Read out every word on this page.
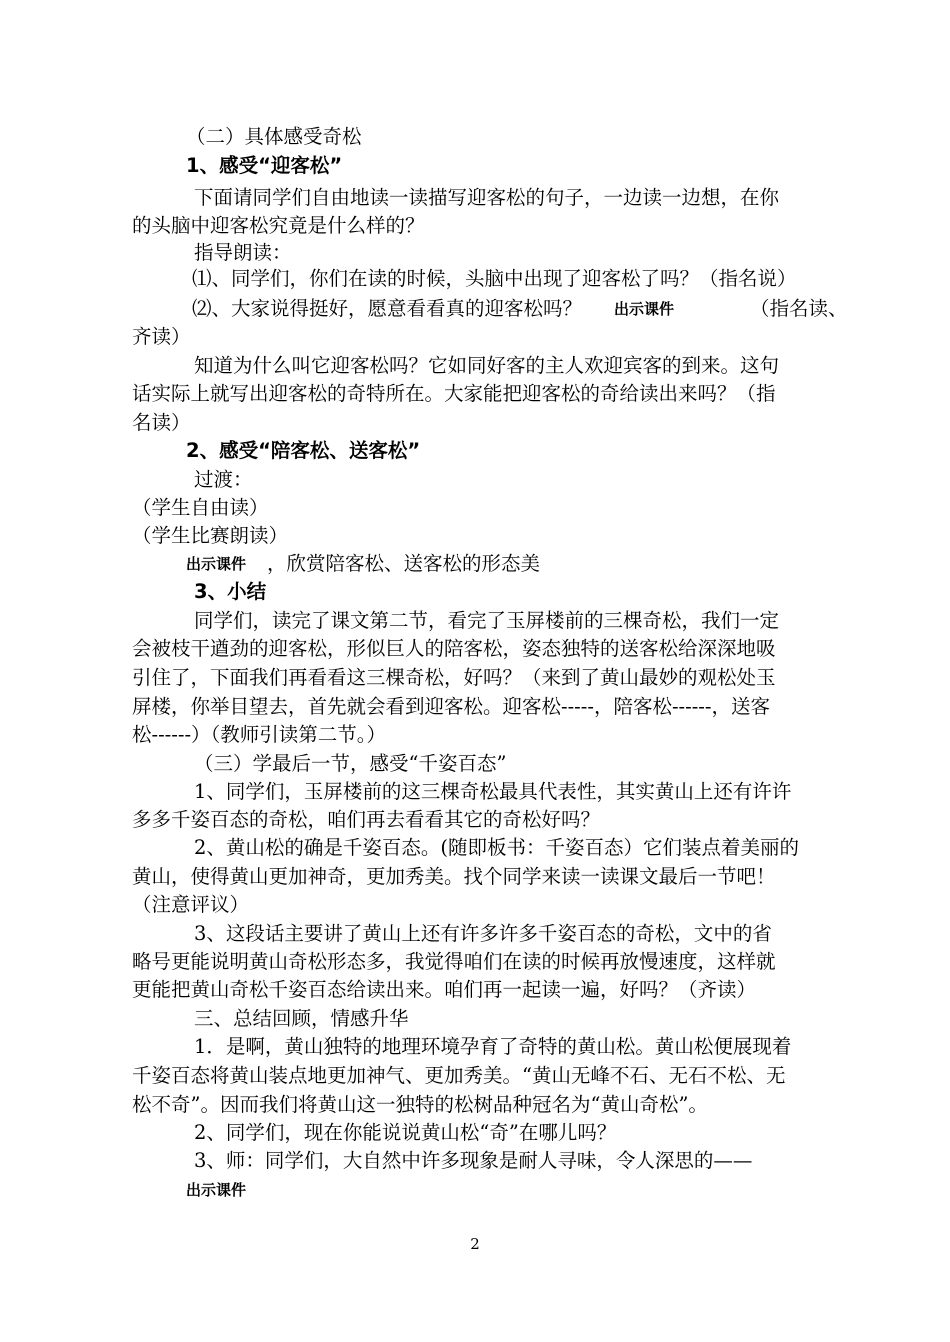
（二）具体感受奇松
1、感受“迎客松”
下面请同学们自由地读一读描写迎客松的句子，一边读一边想，在你
的头脑中迎客松究竟是什么样的？
指导朗读：
⑴、同学们，你们在读的时候，头脑中出现了迎客松了吗？（指名说）
⑵、大家说得挺好，愿意看看真的迎客松吗？ 出示课件	（指名读、
齐读）
知道为什么叫它迎客松吗？它如同好客的主人欢迎宾客的到来。这句
话实际上就写出迎客松的奇特所在。大家能把迎客松的奇给读出来吗？（指
名读）
2、感受“陪客松、送客松”
过渡：
（学生自由读）
（学生比赛朗读）
出示课件 ，欣赏陪客松、送客松的形态美
3、小结
同学们，读完了课文第二节，看完了玉屏楼前的三棵奇松，我们一定
会被枝干遒劲的迎客松，形似巨人的陪客松，姿态独特的送客松给深深地吸
引住了，下面我们再看看这三棵奇松，好吗？（来到了黄山最妙的观松处玉
屏楼，你举目望去，首先就会看到迎客松。迎客松-----，陪客松------，送客
松------）（教师引读第二节。）
（三）学最后一节，感受“千姿百态”
1、同学们，玉屏楼前的这三棵奇松最具代表性，其实黄山上还有许许
多多千姿百态的奇松，咱们再去看看其它的奇松好吗？
2、黄山松的确是千姿百态。(随即板书：千姿百态）它们装点着美丽的
黄山，使得黄山更加神奇，更加秀美。找个同学来读一读课文最后一节吧！
（注意评议）
3、这段话主要讲了黄山上还有许多许多千姿百态的奇松，文中的省
略号更能说明黄山奇松形态多，我觉得咱们在读的时候再放慢速度，这样就
更能把黄山奇松千姿百态给读出来。咱们再一起读一遍，好吗？（齐读）
三、总结回顾，情感升华
1．是啊，黄山独特的地理环境孕育了奇特的黄山松。黄山松便展现着
千姿百态将黄山装点地更加神气、更加秀美。“黄山无峰不石、无石不松、无
松不奇”。因而我们将黄山这一独特的松树品种冠名为“黄山奇松”。
2、同学们，现在你能说说黄山松“奇”在哪儿吗？
3、师：同学们，大自然中许多现象是耐人寻味，令人深思的——
出示课件
2
